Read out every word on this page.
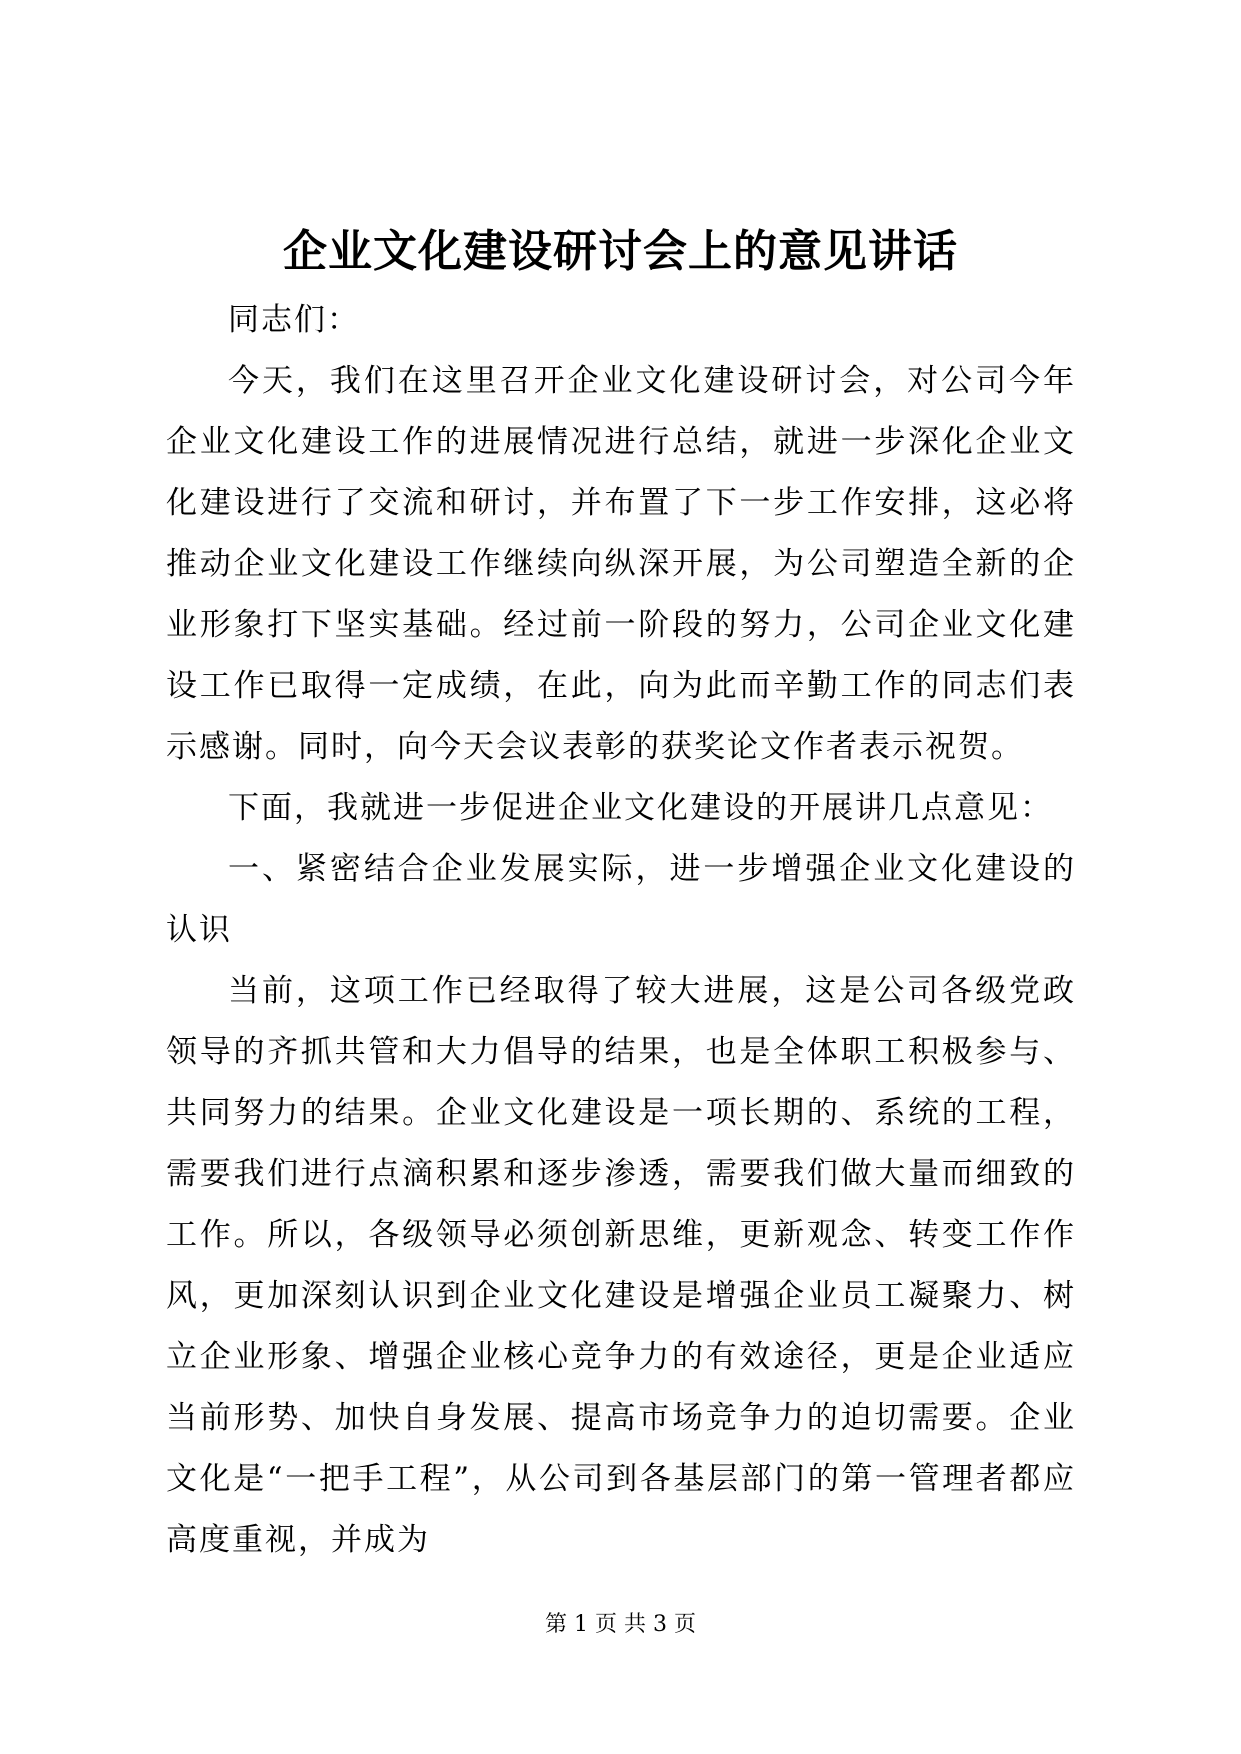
企业文化建设研讨会上的意见讲话

同志们：

今天，我们在这里召开企业文化建设研讨会，对公司今年企业文化建设工作的进展情况进行总结，就进一步深化企业文化建设进行了交流和研讨，并布置了下一步工作安排，这必将推动企业文化建设工作继续向纵深开展，为公司塑造全新的企业形象打下坚实基础。经过前一阶段的努力，公司企业文化建设工作已取得一定成绩，在此，向为此而辛勤工作的同志们表示感谢。同时，向今天会议表彰的获奖论文作者表示祝贺。

下面，我就进一步促进企业文化建设的开展讲几点意见：

一、紧密结合企业发展实际，进一步增强企业文化建设的认识

当前，这项工作已经取得了较大进展，这是公司各级党政领导的齐抓共管和大力倡导的结果，也是全体职工积极参与、共同努力的结果。企业文化建设是一项长期的、系统的工程，需要我们进行点滴积累和逐步渗透，需要我们做大量而细致的工作。所以，各级领导必须创新思维，更新观念、转变工作作风，更加深刻认识到企业文化建设是增强企业员工凝聚力、树立企业形象、增强企业核心竞争力的有效途径，更是企业适应当前形势、加快自身发展、提高市场竞争力的迫切需要。企业文化是“一把手工程”，从公司到各基层部门的第一管理者都应高度重视，并成为

第 1 页 共 3 页
